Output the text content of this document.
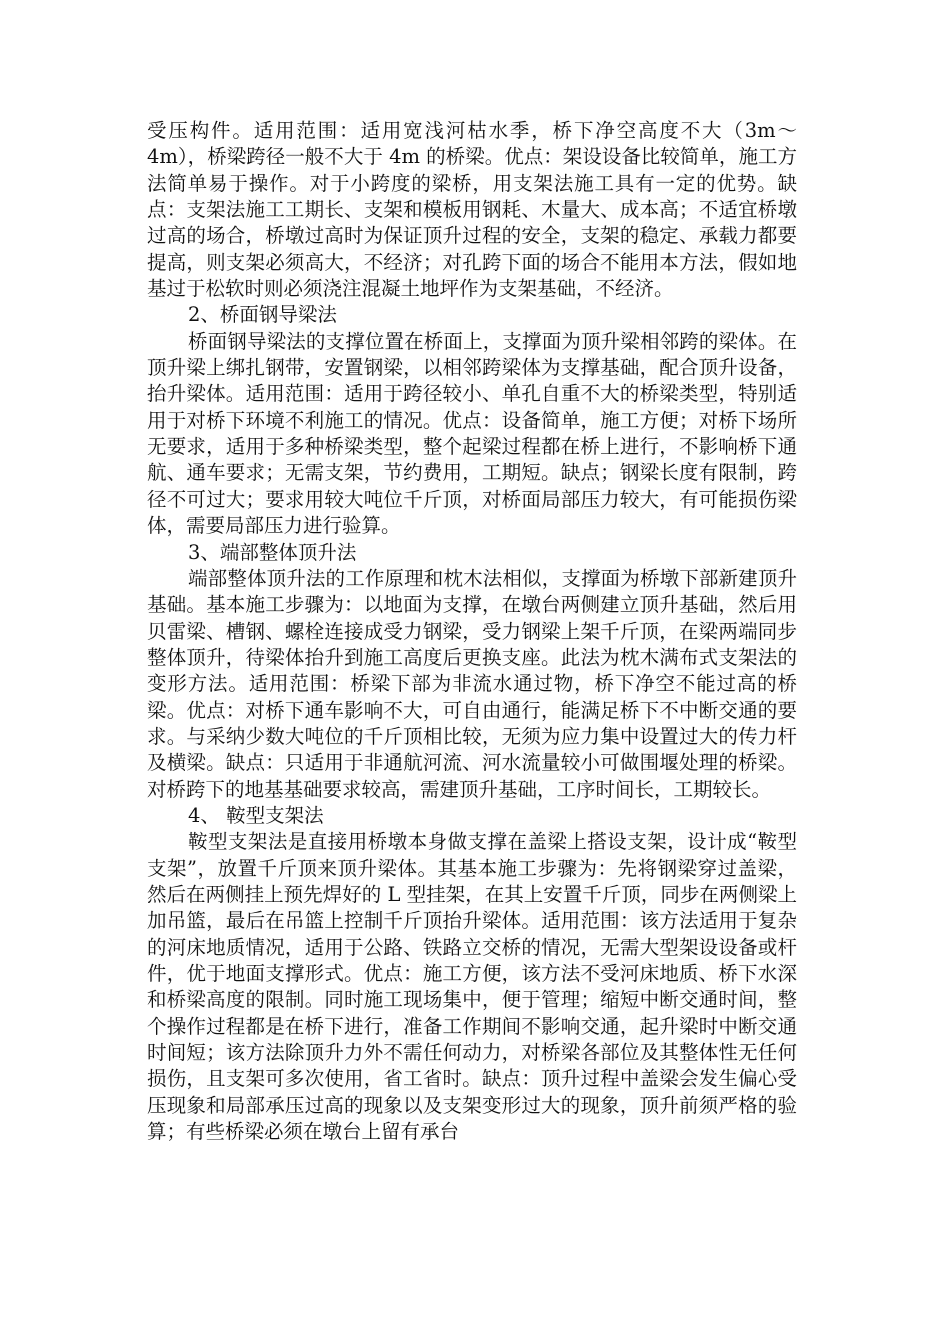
受压构件。适用范围：适用宽浅河枯水季，桥下净空高度不大（3m～4m），桥梁跨径一般不大于 4m 的桥梁。优点：架设设备比较简单，施工方法简单易于操作。对于小跨度的梁桥，用支架法施工具有一定的优势。缺点：支架法施工工期长、支架和模板用钢耗、木量大、成本高；不适宜桥墩过高的场合，桥墩过高时为保证顶升过程的安全，支架的稳定、承载力都要提高，则支架必须高大，不经济；对孔跨下面的场合不能用本方法，假如地基过于松软时则必须浇注混凝土地坪作为支架基础，不经济。

2、桥面钢导梁法

桥面钢导梁法的支撑位置在桥面上，支撑面为顶升梁相邻跨的梁体。在顶升梁上绑扎钢带，安置钢梁，以相邻跨梁体为支撑基础，配合顶升设备，抬升梁体。适用范围：适用于跨径较小、单孔自重不大的桥梁类型，特别适用于对桥下环境不利施工的情况。优点：设备简单，施工方便；对桥下场所无要求，适用于多种桥梁类型，整个起梁过程都在桥上进行，不影响桥下通航、通车要求；无需支架，节约费用，工期短。缺点；钢梁长度有限制，跨径不可过大；要求用较大吨位千斤顶，对桥面局部压力较大，有可能损伤梁体，需要局部压力进行验算。

3、端部整体顶升法

端部整体顶升法的工作原理和枕木法相似，支撑面为桥墩下部新建顶升基础。基本施工步骤为：以地面为支撑，在墩台两侧建立顶升基础，然后用贝雷梁、槽钢、螺栓连接成受力钢梁，受力钢梁上架千斤顶，在梁两端同步整体顶升，待梁体抬升到施工高度后更换支座。此法为枕木满布式支架法的变形方法。适用范围：桥梁下部为非流水通过物，桥下净空不能过高的桥梁。优点：对桥下通车影响不大，可自由通行，能满足桥下不中断交通的要求。与采纳少数大吨位的千斤顶相比较，无须为应力集中设置过大的传力杆及横梁。缺点：只适用于非通航河流、河水流量较小可做围堰处理的桥梁。对桥跨下的地基基础要求较高，需建顶升基础，工序时间长，工期较长。

4、 鞍型支架法

鞍型支架法是直接用桥墩本身做支撑在盖梁上搭设支架，设计成“鞍型支架”，放置千斤顶来顶升梁体。其基本施工步骤为：先将钢梁穿过盖梁，然后在两侧挂上预先焊好的 L 型挂架，在其上安置千斤顶，同步在两侧梁上加吊篮，最后在吊篮上控制千斤顶抬升梁体。适用范围：该方法适用于复杂的河床地质情况，适用于公路、铁路立交桥的情况，无需大型架设设备或杆件，优于地面支撑形式。优点：施工方便，该方法不受河床地质、桥下水深和桥梁高度的限制。同时施工现场集中，便于管理；缩短中断交通时间，整个操作过程都是在桥下进行，准备工作期间不影响交通，起升梁时中断交通时间短；该方法除顶升力外不需任何动力，对桥梁各部位及其整体性无任何损伤，且支架可多次使用，省工省时。缺点：顶升过程中盖梁会发生偏心受压现象和局部承压过高的现象以及支架变形过大的现象，顶升前须严格的验算；有些桥梁必须在墩台上留有承台
